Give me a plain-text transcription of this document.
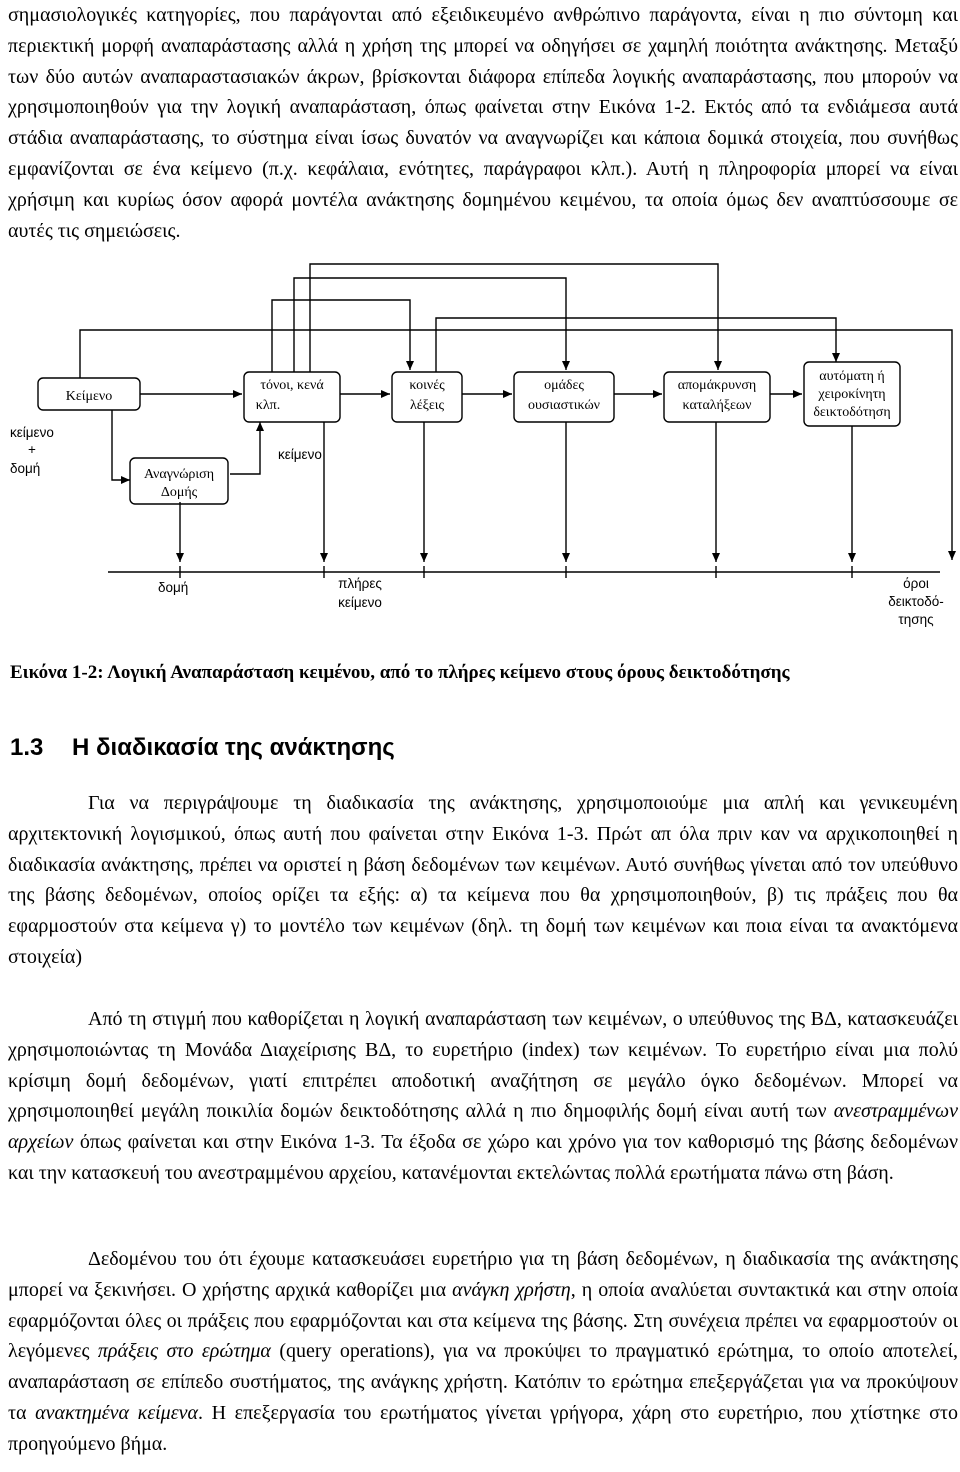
σημασιολογικές κατηγορίες, που παράγονται από εξειδικευμένο ανθρώπινο παράγοντα, είναι η πιο σύντομη και περιεκτική μορφή αναπαράστασης αλλά η χρήση της μπορεί να οδηγήσει σε χαμηλή ποιότητα ανάκτησης. Μεταξύ των δύο αυτών αναπαραστασιακών άκρων, βρίσκονται διάφορα επίπεδα λογικής αναπαράστασης, που μπορούν να χρησιμοποιηθούν για την λογική αναπαράσταση, όπως φαίνεται στην Εικόνα 1-2. Εκτός από τα ενδιάμεσα αυτά στάδια αναπαράστασης, το σύστημα είναι ίσως δυνατόν να αναγνωρίζει και κάποια δομικά στοιχεία, που συνήθως εμφανίζονται σε ένα κείμενο (π.χ. κεφάλαια, ενότητες, παράγραφοι κλπ.). Αυτή η πληροφορία μπορεί να είναι χρήσιμη και κυρίως όσον αφορά μοντέλα ανάκτησης δομημένου κειμένου, τα οποία όμως δεν αναπτύσσουμε σε αυτές τις σημειώσεις.

Κείμενο
Αναγνώριση
Δομής
τόνοι, κενά
κλπ.
κοινές
λέξεις
ομάδες
ουσιαστικών
απομάκρυνση
καταλήξεων
αυτόματη ή
χειροκίνητη
δεικτοδότηση
κείμενο
+
δομή
κείμενο
δομή	πλήρες
κείμενο
όροι
δεικτοδό-
τησης

Εικόνα 1-2: Λογική Αναπαράσταση κειμένου, από το πλήρες κείμενο στους όρους δεικτοδότησης

1.3 Η διαδικασία της ανάκτησης

Για να περιγράψουμε τη διαδικασία της ανάκτησης, χρησιμοποιούμε μια απλή και γενικευμένη αρχιτεκτονική λογισμικού, όπως αυτή που φαίνεται στην Εικόνα 1-3. Πρώτ απ όλα πριν καν να αρχικοποιηθεί η διαδικασία ανάκτησης, πρέπει να οριστεί η βάση δεδομένων των κειμένων. Αυτό συνήθως γίνεται από τον υπεύθυνο της βάσης δεδομένων, οποίος ορίζει τα εξής: α) τα κείμενα που θα χρησιμοποιηθούν, β) τις πράξεις που θα εφαρμοστούν στα κείμενα γ) το μοντέλο των κειμένων (δηλ. τη δομή των κειμένων και ποια είναι τα ανακτόμενα στοιχεία)

Από τη στιγμή που καθορίζεται η λογική αναπαράσταση των κειμένων, ο υπεύθυνος της ΒΔ, κατασκευάζει χρησιμοποιώντας τη Μονάδα Διαχείρισης ΒΔ, το ευρετήριο (index) των κειμένων. Το ευρετήριο είναι μια πολύ κρίσιμη δομή δεδομένων, γιατί επιτρέπει αποδοτική αναζήτηση σε μεγάλο όγκο δεδομένων. Μπορεί να χρησιμοποιηθεί μεγάλη ποικιλία δομών δεικτοδότησης αλλά η πιο δημοφιλής δομή είναι αυτή των ανεστραμμένων αρχείων όπως φαίνεται και στην Εικόνα 1-3. Τα έξοδα σε χώρο και χρόνο για τον καθορισμό της βάσης δεδομένων και την κατασκευή του ανεστραμμένου αρχείου, κατανέμονται εκτελώντας πολλά ερωτήματα πάνω στη βάση.

Δεδομένου του ότι έχουμε κατασκευάσει ευρετήριο για τη βάση δεδομένων, η διαδικασία της ανάκτησης μπορεί να ξεκινήσει. Ο χρήστης αρχικά καθορίζει μια ανάγκη χρήστη, η οποία αναλύεται συντακτικά και στην οποία εφαρμόζονται όλες οι πράξεις που εφαρμόζονται και στα κείμενα της βάσης. Στη συνέχεια πρέπει να εφαρμοστούν οι λεγόμενες πράξεις στο ερώτημα (query operations), για να προκύψει το πραγματικό ερώτημα, το οποίο αποτελεί, αναπαράσταση σε επίπεδο συστήματος, της ανάγκης χρήστη. Κατόπιν το ερώτημα επεξεργάζεται για να προκύψουν τα ανακτημένα κείμενα. Η επεξεργασία του ερωτήματος γίνεται γρήγορα, χάρη στο ευρετήριο, που χτίστηκε στο προηγούμενο βήμα.
